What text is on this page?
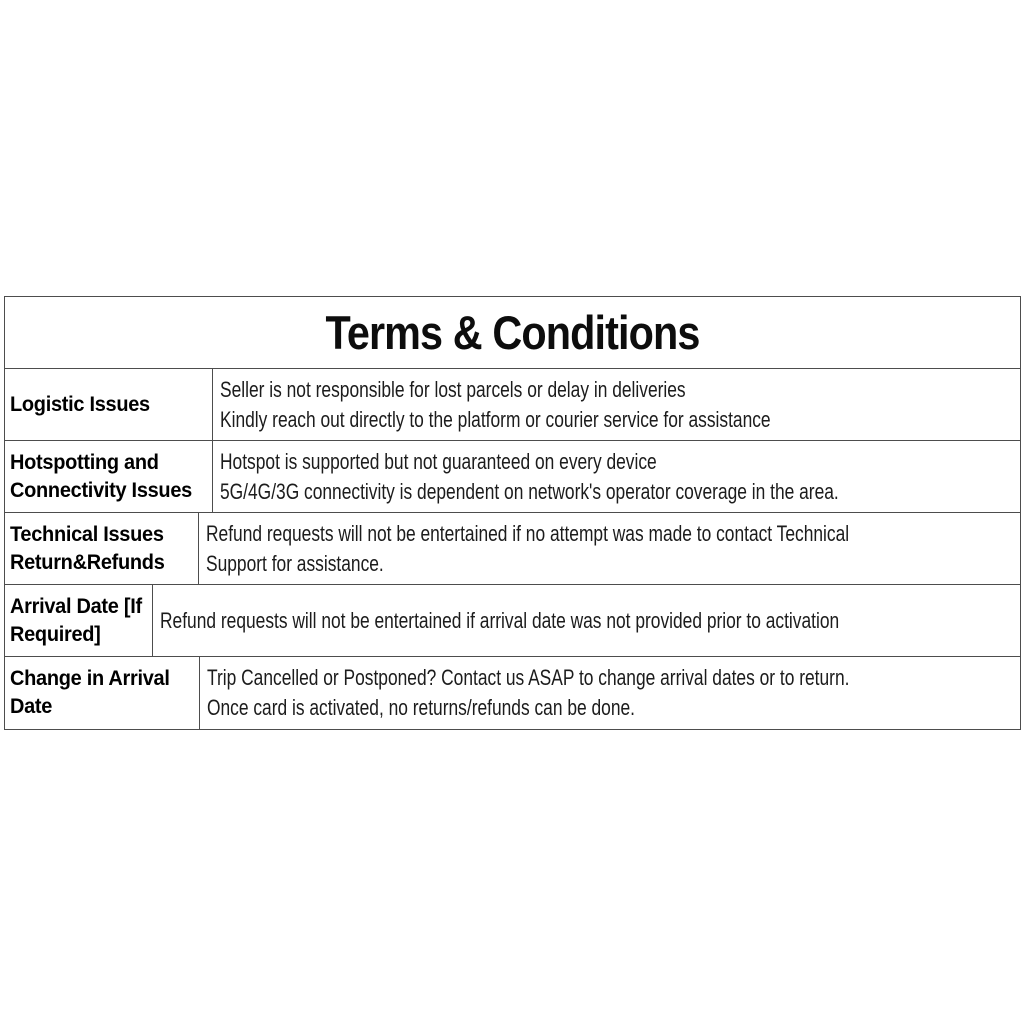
Terms & Conditions
Logistic Issues
Seller is not responsible for lost parcels or delay in deliveries
Kindly reach out directly to the platform or courier service for assistance
Hotspotting and
Connectivity Issues
Hotspot is supported but not guaranteed on every device
5G/4G/3G connectivity is dependent on network's operator coverage in the area.
Technical Issues
Return&Refunds
Refund requests will not be entertained if no attempt was made to contact Technical
Support for assistance.
Arrival Date [If
Required]
Refund requests will not be entertained if arrival date was not provided prior to activation
Change in Arrival
Date
Trip Cancelled or Postponed? Contact us ASAP to change arrival dates or to return.
Once card is activated, no returns/refunds can be done.
